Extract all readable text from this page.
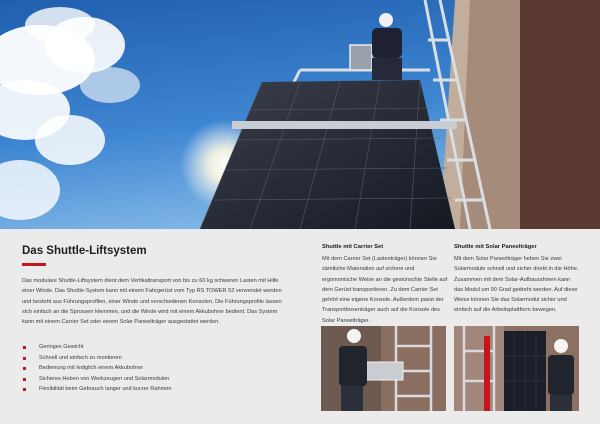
Das Shuttle-Liftsystem

Das modulare Shuttle-Liftsystem dient dem Vertikaltransport von bis zu 60 kg schweren Lasten mit Hilfe einer Winde. Das Shuttle-System kann mit einem Fahrgerüst vom Typ RS TOWER 52 verwendet werden und besteht aus Führungsprofilen, einer Winde und verschiedenen Konsolen. Die Führungsprofile lassen sich einfach an die Sprossen klemmen, und die Winde wird mit einem Akkubohrer bedient. Das System kann mit einem Carrier Set oder einem Solar Paneelträger ausgestattet werden.

Geringes Gewicht
Schnell und einfach zu montieren
Bedienung mit lediglich einem Akkubohrer
Sicheres Heben von Werkzeugen und Solarmodulen
Flexibilität beim Gebrauch langer und kurzer Rahmen
Shuttle mit Carrier Set

Mit dem Carrier Set (Lastenträger) können Sie sämtliche Materialien auf sichere und ergonomische Weise an die gewünschte Stelle auf dem Gerüst transportieren. Zu dem Carrier Set gehört eine eigene Konsole. Außerdem passt der Transportboxenträger auch auf die Konsole des Solar Paneelträger.

Shuttle mit Solar Paneelträger

Mit dem Solar Paneelträger heben Sie zwei Solarmodule schnell und sicher direkt in die Höhe. Zusammen mit dem Solar-Aufbaurahmen kann das Modul um 90 Grad gedreht werden. Auf diese Weise können Sie das Solarmodul sicher und einfach auf die Arbeitsplattform bewegen.
